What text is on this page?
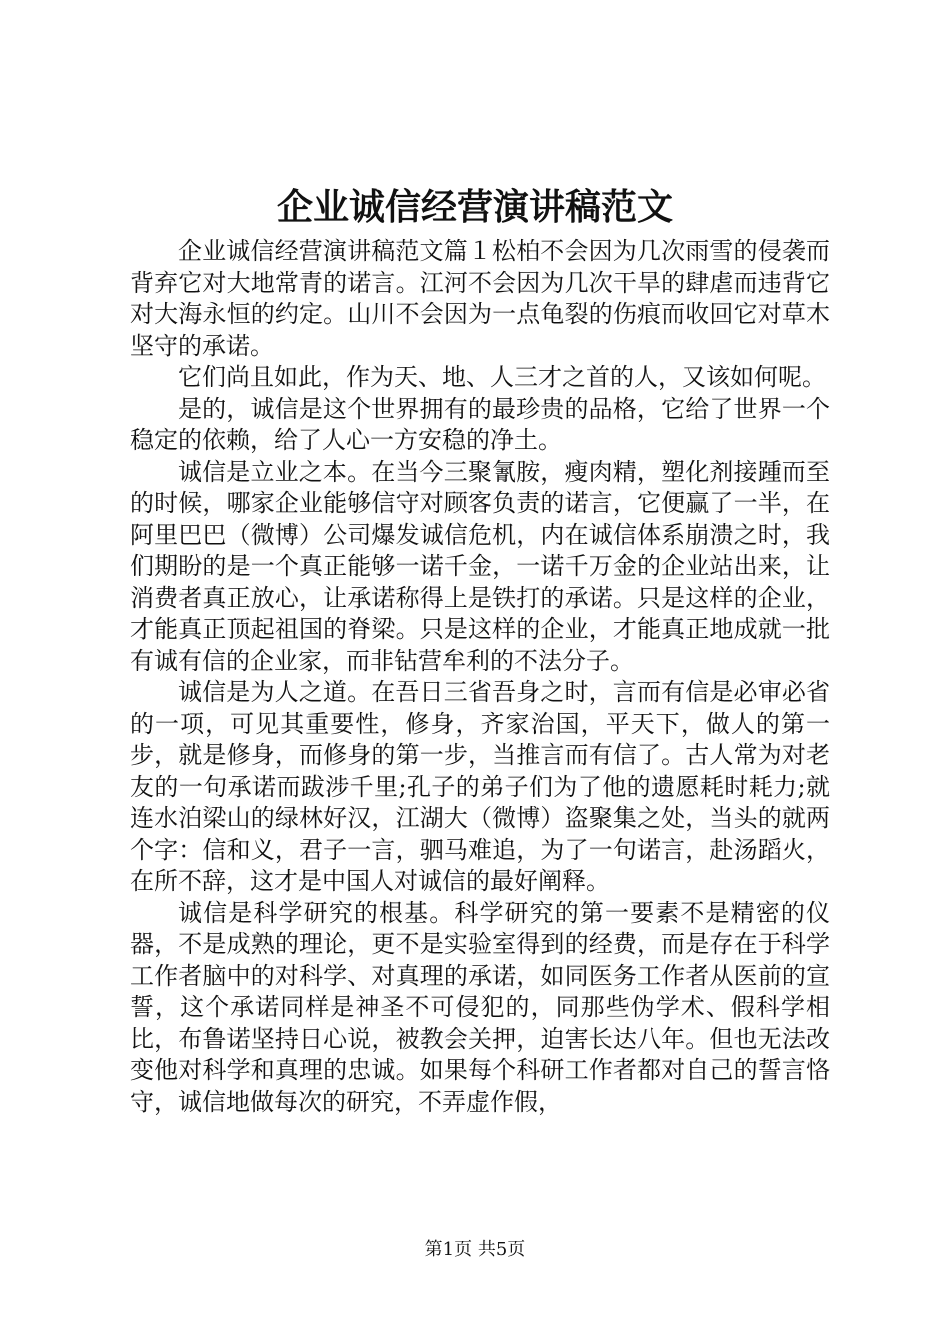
企业诚信经营演讲稿范文

企业诚信经营演讲稿范文篇１松柏不会因为几次雨雪的侵袭而背弃它对大地常青的诺言。江河不会因为几次干旱的肆虐而违背它对大海永恒的约定。山川不会因为一点龟裂的伤痕而收回它对草木坚守的承诺。

它们尚且如此，作为天、地、人三才之首的人，又该如何呢。

是的，诚信是这个世界拥有的最珍贵的品格，它给了世界一个稳定的依赖，给了人心一方安稳的净土。

诚信是立业之本。在当今三聚氰胺，瘦肉精，塑化剂接踵而至的时候，哪家企业能够信守对顾客负责的诺言，它便赢了一半，在阿里巴巴（微博）公司爆发诚信危机，内在诚信体系崩溃之时，我们期盼的是一个真正能够一诺千金，一诺千万金的企业站出来，让消费者真正放心，让承诺称得上是铁打的承诺。只是这样的企业，才能真正顶起祖国的脊梁。只是这样的企业，才能真正地成就一批有诚有信的企业家，而非钻营牟利的不法分子。

诚信是为人之道。在吾日三省吾身之时，言而有信是必审必省的一项，可见其重要性，修身，齐家治国，平天下，做人的第一步，就是修身，而修身的第一步，当推言而有信了。古人常为对老友的一句承诺而跋涉千里;孔子的弟子们为了他的遗愿耗时耗力;就连水泊梁山的绿林好汉，江湖大（微博）盗聚集之处，当头的就两个字：信和义，君子一言，驷马难追，为了一句诺言，赴汤蹈火，在所不辞，这才是中国人对诚信的最好阐释。

诚信是科学研究的根基。科学研究的第一要素不是精密的仪器，不是成熟的理论，更不是实验室得到的经费，而是存在于科学工作者脑中的对科学、对真理的承诺，如同医务工作者从医前的宣誓，这个承诺同样是神圣不可侵犯的，同那些伪学术、假科学相比，布鲁诺坚持日心说，被教会关押，迫害长达八年。但也无法改变他对科学和真理的忠诚。如果每个科研工作者都对自己的誓言恪守，诚信地做每次的研究，不弄虚作假，

第1页 共5页
